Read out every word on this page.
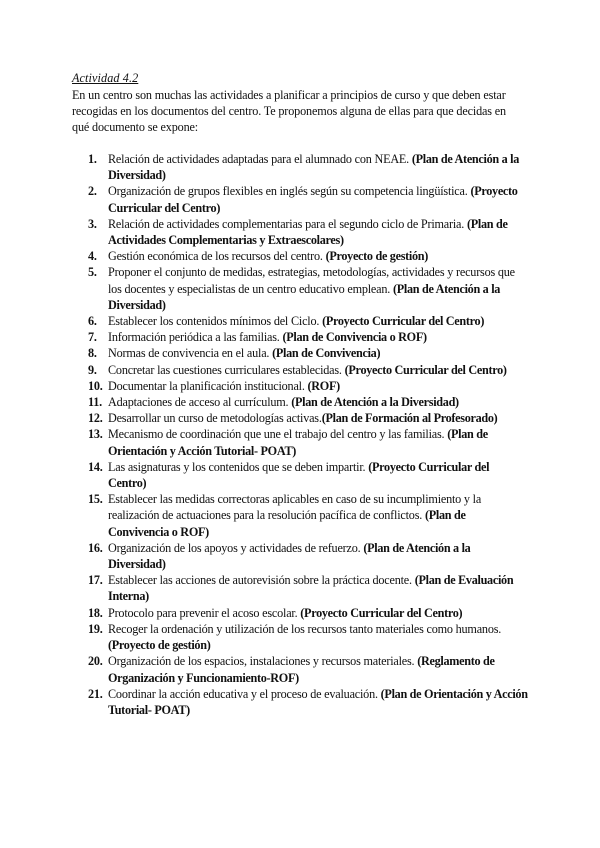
Actividad 4.2
En un centro son muchas las actividades a planificar a principios de curso y que deben estar
recogidas en los documentos del centro. Te proponemos alguna de ellas para que decidas en
qué documento se expone:
1. Relación de actividades adaptadas para el alumnado con NEAE. (Plan de Atención a la Diversidad)
2. Organización de grupos flexibles en inglés según su competencia lingüística. (Proyecto Curricular del Centro)
3. Relación de actividades complementarias para el segundo ciclo de Primaria. (Plan de Actividades Complementarias y Extraescolares)
4. Gestión económica de los recursos del centro. (Proyecto de gestión)
5. Proponer el conjunto de medidas, estrategias, metodologías, actividades y recursos que los docentes y especialistas de un centro educativo emplean. (Plan de Atención a la Diversidad)
6. Establecer los contenidos mínimos del Ciclo. (Proyecto Curricular del Centro)
7. Información periódica a las familias. (Plan de Convivencia o ROF)
8. Normas de convivencia en el aula. (Plan de Convivencia)
9. Concretar las cuestiones curriculares establecidas. (Proyecto Curricular del Centro)
10. Documentar la planificación institucional. (ROF)
11. Adaptaciones de acceso al currículum. (Plan de Atención a la Diversidad)
12. Desarrollar un curso de metodologías activas.(Plan de Formación al Profesorado)
13. Mecanismo de coordinación que une el trabajo del centro y las familias. (Plan de Orientación y Acción Tutorial- POAT)
14. Las asignaturas y los contenidos que se deben impartir. (Proyecto Curricular del Centro)
15. Establecer las medidas correctoras aplicables en caso de su incumplimiento y la realización de actuaciones para la resolución pacífica de conflictos. (Plan de Convivencia o ROF)
16. Organización de los apoyos y actividades de refuerzo. (Plan de Atención a la Diversidad)
17. Establecer las acciones de autorevisión sobre la práctica docente. (Plan de Evaluación Interna)
18. Protocolo para prevenir el acoso escolar. (Proyecto Curricular del Centro)
19. Recoger la ordenación y utilización de los recursos tanto materiales como humanos. (Proyecto de gestión)
20. Organización de los espacios, instalaciones y recursos materiales. (Reglamento de Organización y Funcionamiento-ROF)
21. Coordinar la acción educativa y el proceso de evaluación. (Plan de Orientación y Acción Tutorial- POAT)
